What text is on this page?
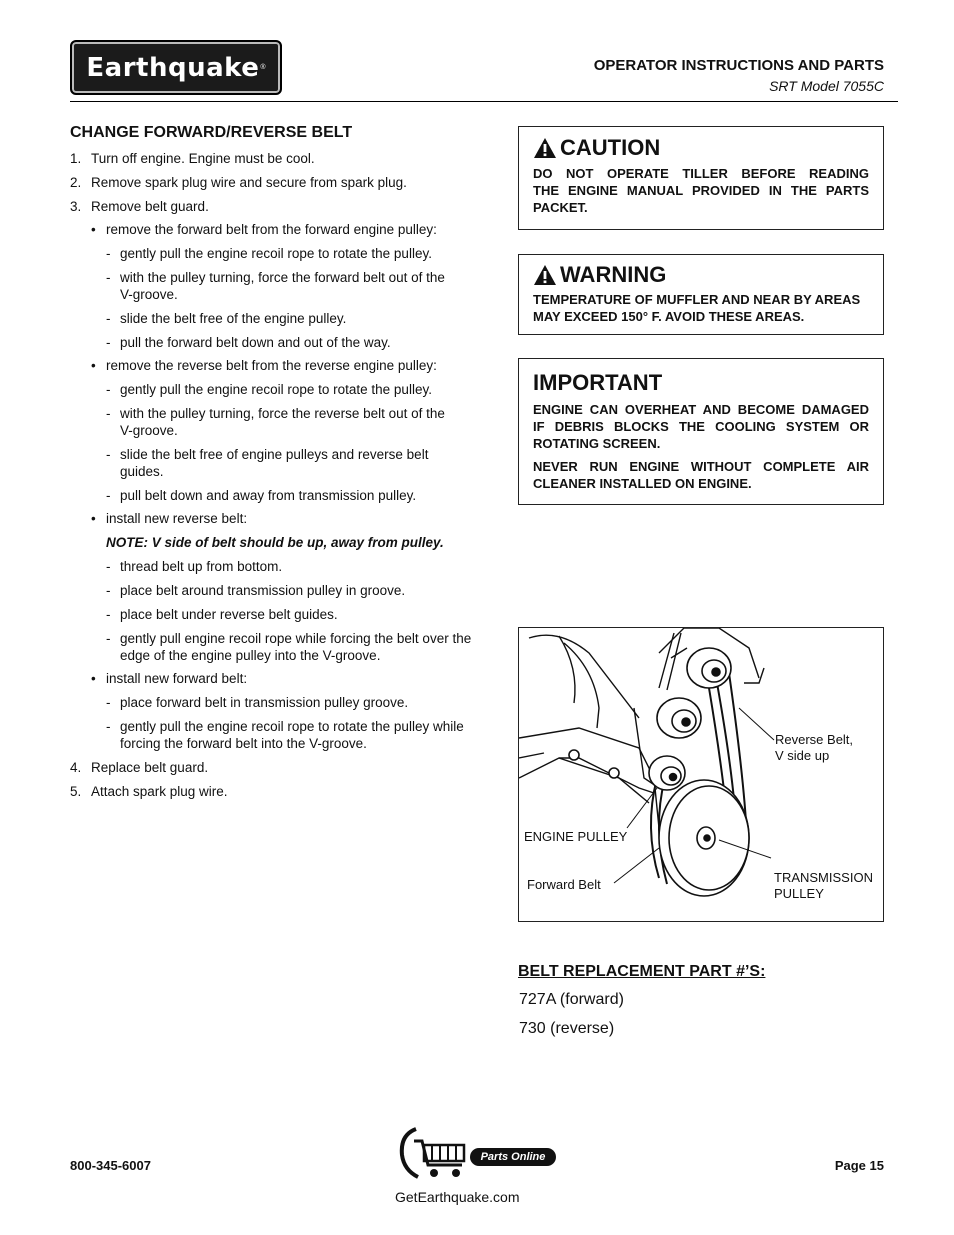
Earthquake ®	OPERATOR INSTRUCTIONS AND PARTS
SRT Model 7055C
CHANGE FORWARD/REVERSE BELT
1. Turn off engine. Engine must be cool.
2. Remove spark plug wire and secure from spark plug.
3. Remove belt guard.
• remove the forward belt from the forward engine pulley:
- gently pull the engine recoil rope to rotate the pulley.
- with the pulley turning, force the forward belt out of the
V-groove.
- slide the belt free of the engine pulley.
- pull the forward belt down and out of the way.
• remove the reverse belt from the reverse engine pulley:
- gently pull the engine recoil rope to rotate the pulley.
- with the pulley turning, force the reverse belt out of the
V-groove.
- slide the belt free of engine pulleys and reverse belt
guides.
- pull belt down and away from transmission pulley.
• install new reverse belt:
NOTE: V side of belt should be up, away from pulley.
- thread belt up from bottom.
- place belt around transmission pulley in groove.
- place belt under reverse belt guides.
- gently pull engine recoil rope while forcing the belt over the
edge of the engine pulley into the V-groove.
• install new forward belt:
- place forward belt in transmission pulley groove.
- gently pull the engine recoil rope to rotate the pulley while
forcing the forward belt into the V-groove.
4. Replace belt guard.
5. Attach spark plug wire.
CAUTION
DO NOT OPERATE TILLER BEFORE READING
THE ENGINE MANUAL PROVIDED IN THE PARTS
PACKET.
WARNING
TEMPERATURE OF MUFFLER AND NEAR BY AREAS
MAY EXCEED 150° F. AVOID THESE AREAS.
IMPORTANT
ENGINE CAN OVERHEAT AND BECOME DAMAGED
IF DEBRIS BLOCKS THE COOLING SYSTEM OR
ROTATING SCREEN.
NEVER RUN ENGINE WITHOUT COMPLETE AIR
CLEANER INSTALLED ON ENGINE.
Reverse Belt,
V side up
ENGINE PULLEY
Forward Belt	TRANSMISSION
PULLEY
BELT REPLACEMENT PART #’S:
727A (forward)
730 (reverse)
800-345-6007	Page 15
Parts Online
GetEarthquake.com
